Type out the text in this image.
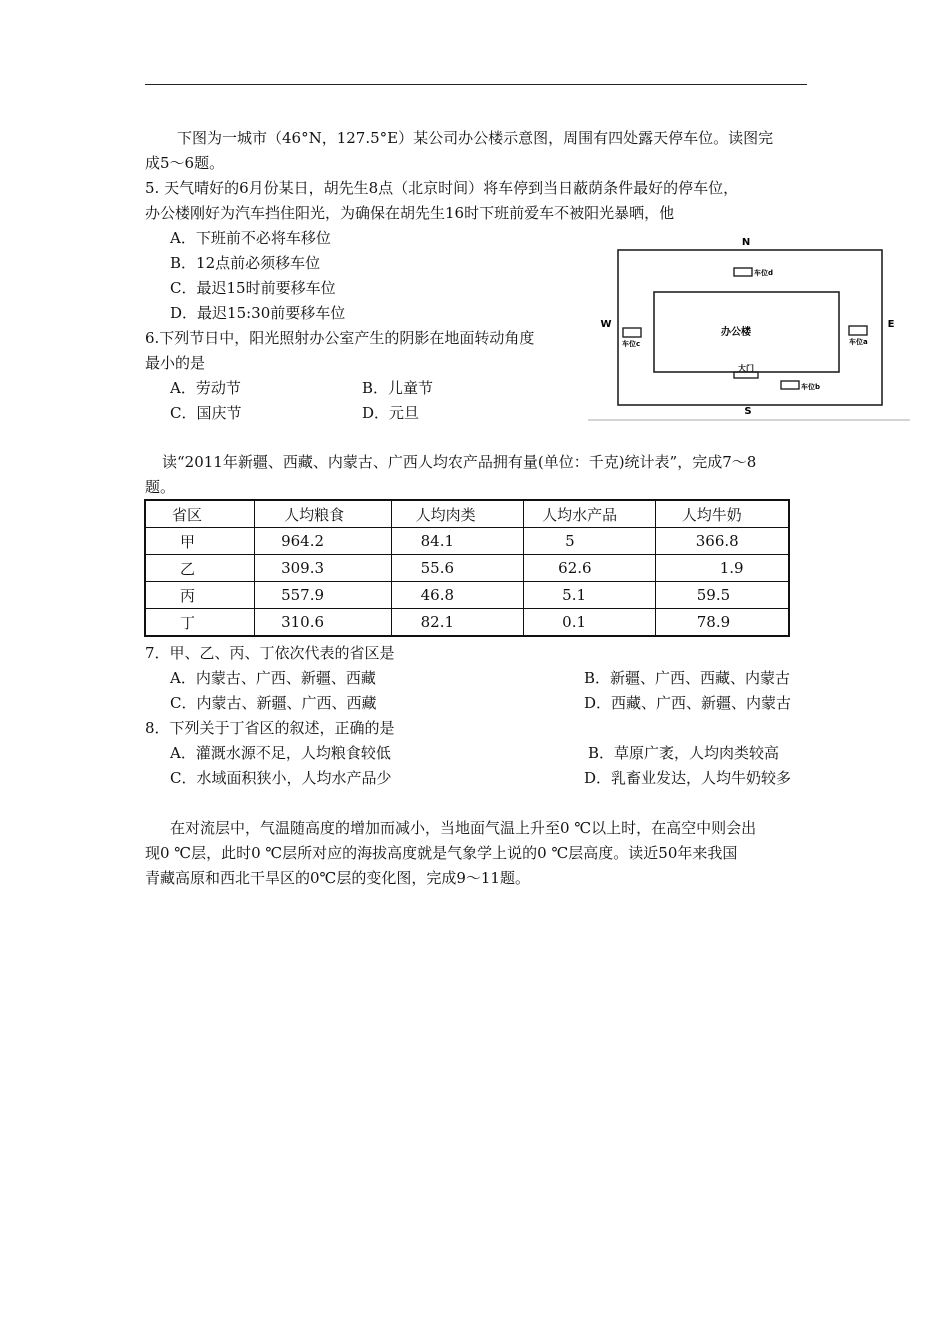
下图为一城市（46°N，127.5°E）某公司办公楼示意图，周围有四处露天停车位。读图完
成5～6题。
5. 天气晴好的6月份某日，胡先生8点（北京时间）将车停到当日蔽荫条件最好的停车位，
办公楼刚好为汽车挡住阳光，为确保在胡先生16时下班前爱车不被阳光暴晒，他
A．下班前不必将车移位
B．12点前必须移车位
C．最迟15时前要移车位
D．最迟15:30前要移车位
6.下列节日中，阳光照射办公室产生的阴影在地面转动角度
最小的是
A．劳动节	B．儿童节
C．国庆节	D．元旦
N
S
W	E
办公楼
车位d
车位c	车位a
大门
车位b
读“2011年新疆、西藏、内蒙古、广西人均农产品拥有量(单位：千克)统计表”，完成7～8
题。
省区	人均粮食	人均肉类	人均水产品	人均牛奶

甲	964.2	84.1	5	366.8

乙	309.3	55.6	62.6	1.9

丙	557.9	46.8	5.1	59.5

丁	310.6	82.1	0.1	78.9
7．甲、乙、丙、丁依次代表的省区是
A．内蒙古、广西、新疆、西藏	B．新疆、广西、西藏、内蒙古
C．内蒙古、新疆、广西、西藏	D．西藏、广西、新疆、内蒙古
8．下列关于丁省区的叙述，正确的是
A．灌溉水源不足，人均粮食较低	B．草原广袤，人均肉类较高
C．水域面积狭小，人均水产品少	D．乳畜业发达，人均牛奶较多
在对流层中，气温随高度的增加而减小，当地面气温上升至0 ℃以上时，在高空中则会出
现0 ℃层，此时0 ℃层所对应的海拔高度就是气象学上说的0 ℃层高度。读近50年来我国
青藏高原和西北干旱区的0℃层的变化图，完成9～11题。
